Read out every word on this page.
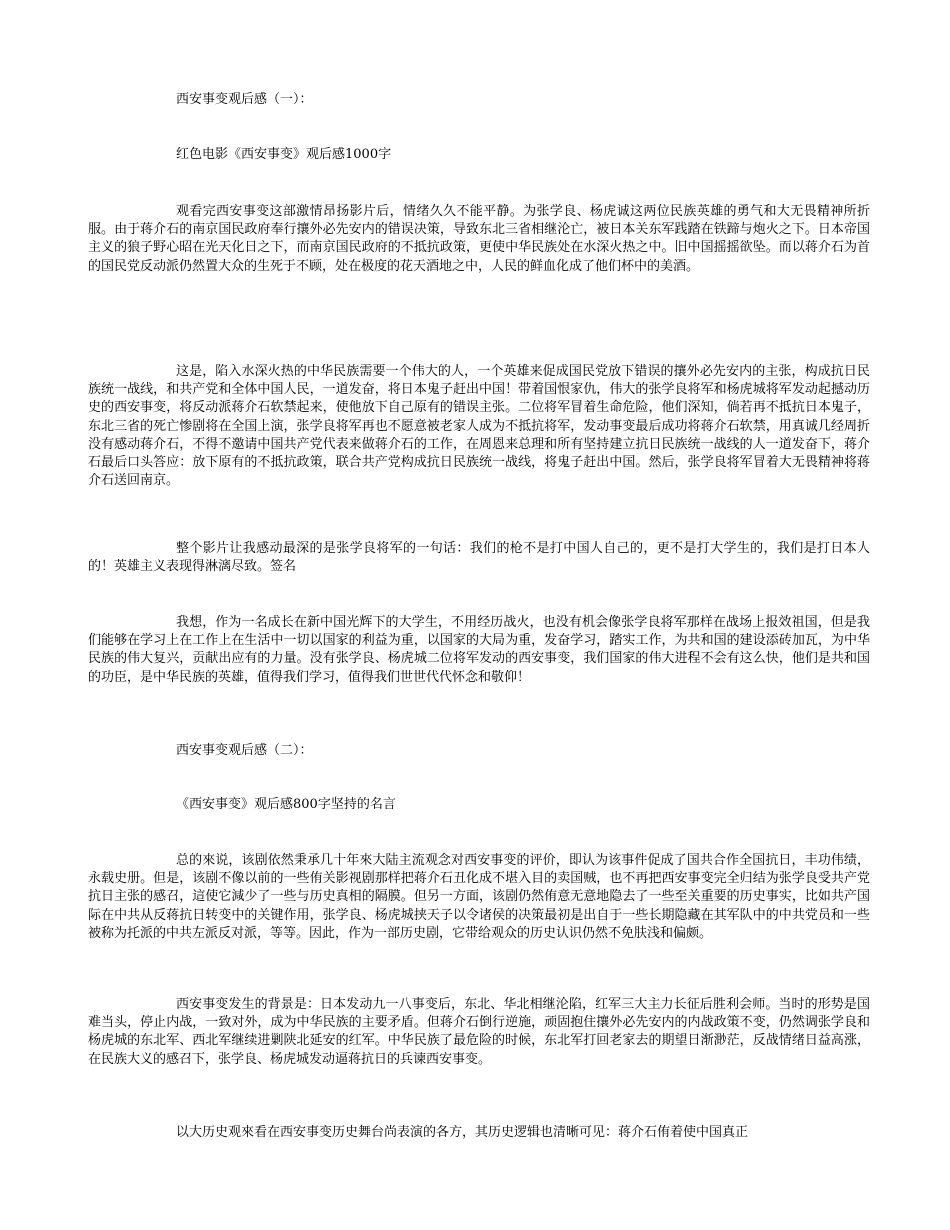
西安事变观后感（一）：

红色电影《西安事变》观后感1000字

观看完西安事变这部激情昂扬影片后，情绪久久不能平静。为张学良、杨虎诚这两位民族英雄的勇气和大无畏精神所折服。由于蒋介石的南京国民政府奉行攘外必先安内的错误决策，导致东北三省相继沦亡，被日本关东军践踏在铁蹄与炮火之下。日本帝国主义的狼子野心昭在光天化日之下，而南京国民政府的不抵抗政策，更使中华民族处在水深火热之中。旧中国摇摇欲坠。而以蒋介石为首的国民党反动派仍然置大众的生死于不顾，处在极度的花天酒地之中，人民的鲜血化成了他们杯中的美酒。

这是，陷入水深火热的中华民族需要一个伟大的人，一个英雄来促成国民党放下错误的攘外必先安内的主张，构成抗日民族统一战线，和共产党和全体中国人民，一道发奋，将日本鬼子赶出中国！带着国恨家仇，伟大的张学良将军和杨虎城将军发动起撼动历史的西安事变，将反动派蒋介石软禁起来，使他放下自己原有的错误主张。二位将军冒着生命危险，他们深知，倘若再不抵抗日本鬼子，东北三省的死亡惨剧将在全国上演，张学良将军再也不愿意被老家人成为不抵抗将军，发动事变最后成功将蒋介石软禁，用真诚几经周折没有感动蒋介石，不得不邀请中国共产党代表来做蒋介石的工作，在周恩来总理和所有坚持建立抗日民族统一战线的人一道发奋下，蒋介石最后口头答应：放下原有的不抵抗政策，联合共产党构成抗日民族统一战线，将鬼子赶出中国。然后，张学良将军冒着大无畏精神将蒋介石送回南京。

整个影片让我感动最深的是张学良将军的一句话：我们的枪不是打中国人自己的，更不是打大学生的，我们是打日本人的！英雄主义表现得淋漓尽致。签名

我想，作为一名成长在新中国光辉下的大学生，不用经历战火，也没有机会像张学良将军那样在战场上报效祖国，但是我们能够在学习上在工作上在生活中一切以国家的利益为重，以国家的大局为重，发奋学习，踏实工作，为共和国的建设添砖加瓦，为中华民族的伟大复兴，贡献出应有的力量。没有张学良、杨虎城二位将军发动的西安事变，我们国家的伟大进程不会有这么快，他们是共和国的功臣，是中华民族的英雄，值得我们学习，值得我们世世代代怀念和敬仰！

西安事变观后感（二）：

《西安事变》观后感800字坚持的名言

总的來说，该剧依然秉承几十年來大陆主流观念对西安事变的评价，即认为该事件促成了国共合作全国抗日，丰功伟绩，永载史册。但是，该剧不像以前的一些侑关影视剧那样把蒋介石丑化成不堪入目的卖国贼，也不再把西安事变完全归结为张学良受共产党抗日主张的感召，這使它減少了一些与历史真相的隔膜。但另一方面，该剧仍然侑意无意地隐去了一些至关重要的历史事实，比如共产国际在中共从反蒋抗日转变中的关键作用，张学良、杨虎城挟天子以令诸侯的决策最初是出自于一些长期隐藏在其军队中的中共党员和一些被称为托派的中共左派反对派，等等。因此，作为一部历史剧，它带给观众的历史认识仍然不免肤浅和偏颇。

西安事变发生的背景是：日本发动九一八事变后，东北、华北相继沦陷，红军三大主力长征后胜利会师。当时的形势是国难当头，停止内战，一致对外，成为中华民族的主要矛盾。但蒋介石倒行逆施，顽固抱住攘外必先安内的内战政策不变，仍然调张学良和杨虎城的东北军、西北军继续进剿陕北延安的红军。中华民族了最危险的时候，东北军打回老家去的期望日渐渺茫，反战情绪日益高涨，在民族大义的感召下，张学良、杨虎城发动逼蒋抗日的兵谏西安事变。

以大历史观來看在西安事变历史舞台尚表演的各方，其历史逻辑也清晰可见：蒋介石侑着使中国真正
